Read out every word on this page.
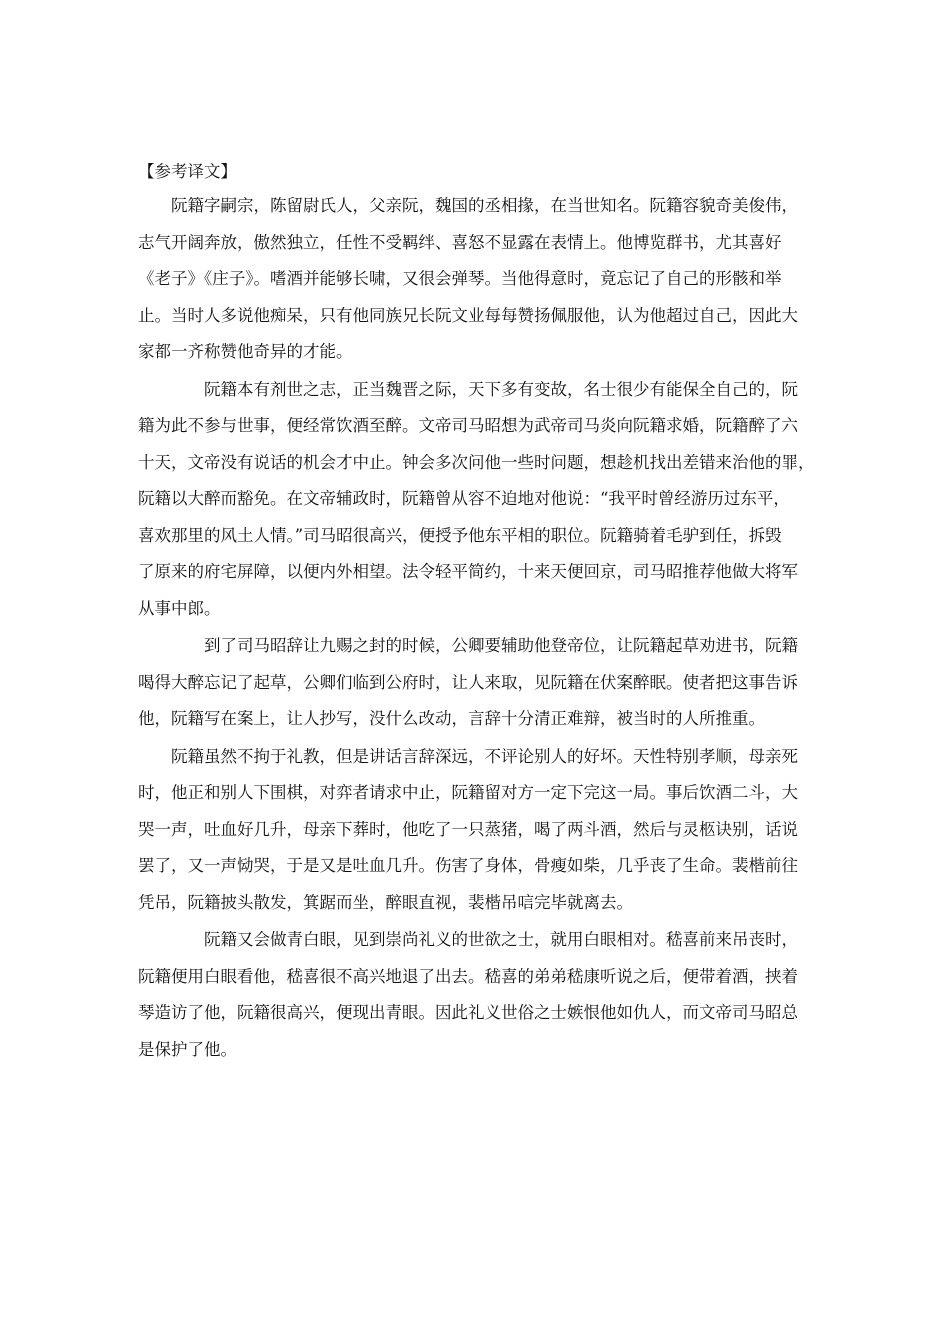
【参考译文】

阮籍字嗣宗，陈留尉氏人，父亲阮，魏国的丞相掾，在当世知名。阮籍容貌奇美俊伟，

志气开阔奔放，傲然独立，任性不受羁绊、喜怒不显露在表情上。他博览群书，尤其喜好

《老子》《庄子》。嗜酒并能够长啸，又很会弹琴。当他得意时，竟忘记了自己的形骸和举

止。当时人多说他痴呆，只有他同族兄长阮文业每每赞扬佩服他，认为他超过自己，因此大

家都一齐称赞他奇异的才能。

阮籍本有剂世之志，正当魏晋之际，天下多有变故，名士很少有能保全自己的，阮

籍为此不参与世事，便经常饮酒至醉。文帝司马昭想为武帝司马炎向阮籍求婚，阮籍醉了六

十天，文帝没有说话的机会才中止。钟会多次问他一些时问题，想趁机找出差错来治他的罪，

阮籍以大醉而豁免。在文帝辅政时，阮籍曾从容不迫地对他说：“我平时曾经游历过东平，

喜欢那里的风土人情。”司马昭很高兴，便授予他东平相的职位。阮籍骑着毛驴到任，拆毁

了原来的府宅屏障，以便内外相望。法令轻平简约，十来天便回京，司马昭推荐他做大将军

从事中郎。

到了司马昭辞让九赐之封的时候，公卿要辅助他登帝位，让阮籍起草劝进书，阮籍

喝得大醉忘记了起草，公卿们临到公府时，让人来取，见阮籍在伏案醉眠。使者把这事告诉

他，阮籍写在案上，让人抄写，没什么改动，言辞十分清正难辩，被当时的人所推重。

阮籍虽然不拘于礼教，但是讲话言辞深远，不评论别人的好坏。天性特别孝顺，母亲死

时，他正和别人下围棋，对弈者请求中止，阮籍留对方一定下完这一局。事后饮酒二斗，大

哭一声，吐血好几升，母亲下葬时，他吃了一只蒸猪，喝了两斗酒，然后与灵柩诀别，话说

罢了，又一声恸哭，于是又是吐血几升。伤害了身体，骨瘦如柴，几乎丧了生命。裴楷前往

凭吊，阮籍披头散发，箕踞而坐，醉眼直视，裴楷吊唁完毕就离去。

阮籍又会做青白眼，见到崇尚礼义的世欲之士，就用白眼相对。嵇喜前来吊丧时，

阮籍便用白眼看他，嵇喜很不高兴地退了出去。嵇喜的弟弟嵇康听说之后，便带着酒，挟着

琴造访了他，阮籍很高兴，便现出青眼。因此礼义世俗之士嫉恨他如仇人，而文帝司马昭总

是保护了他。
